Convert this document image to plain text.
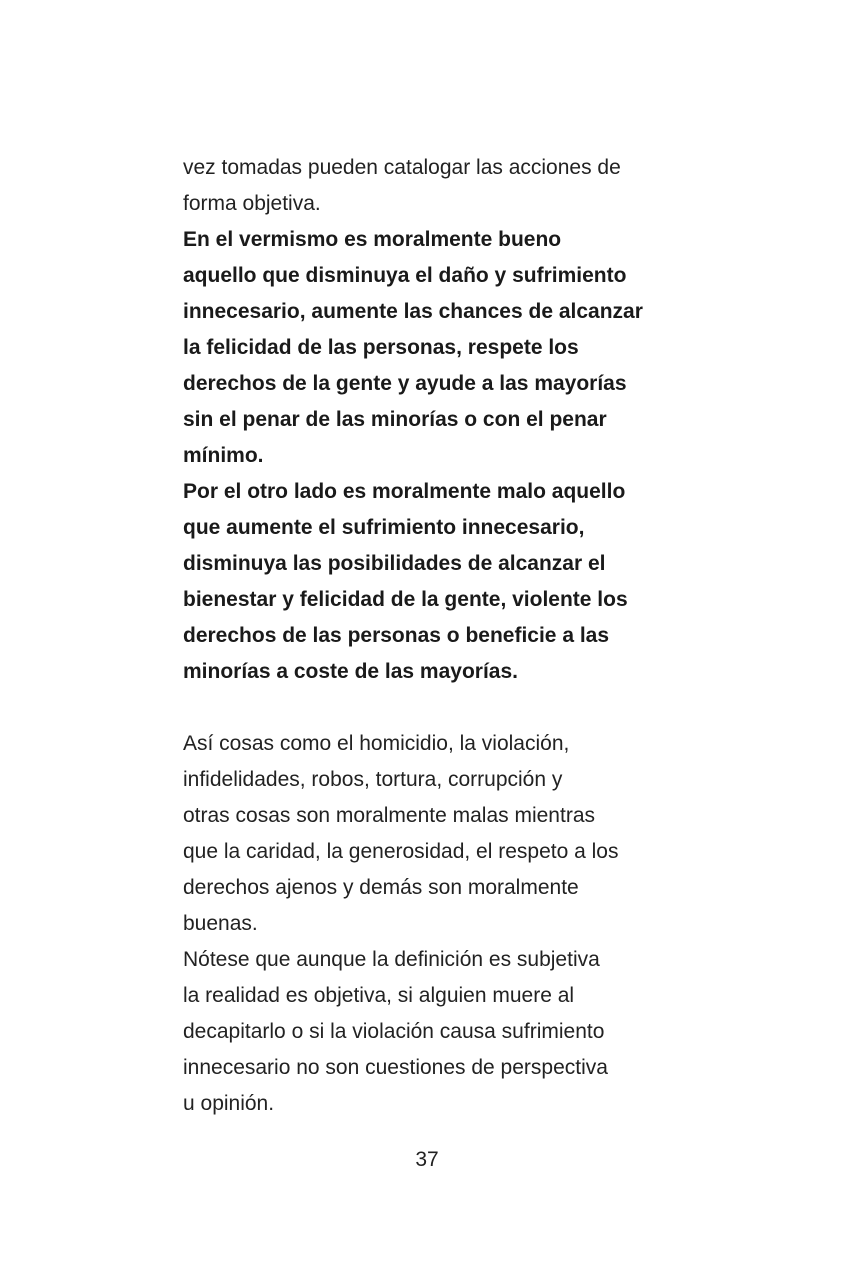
vez tomadas pueden catalogar las acciones de
forma objetiva.
En el vermismo es moralmente bueno
aquello que disminuya el daño y sufrimiento
innecesario, aumente las chances de alcanzar
la felicidad de las personas, respete los
derechos de la gente y ayude a las mayorías
sin el penar de las minorías o con el penar
mínimo.
Por el otro lado es moralmente malo aquello
que aumente el sufrimiento innecesario,
disminuya las posibilidades de alcanzar el
bienestar y felicidad de la gente, violente los
derechos de las personas o beneficie a las
minorías a coste de las mayorías.
Así cosas como el homicidio, la violación,
infidelidades, robos, tortura, corrupción y
otras cosas son moralmente malas mientras
que la caridad, la generosidad, el respeto a los
derechos ajenos y demás son moralmente
buenas.
Nótese que aunque la definición es subjetiva
la realidad es objetiva, si alguien muere al
decapitarlo o si la violación causa sufrimiento
innecesario no son cuestiones de perspectiva
u opinión.
37
